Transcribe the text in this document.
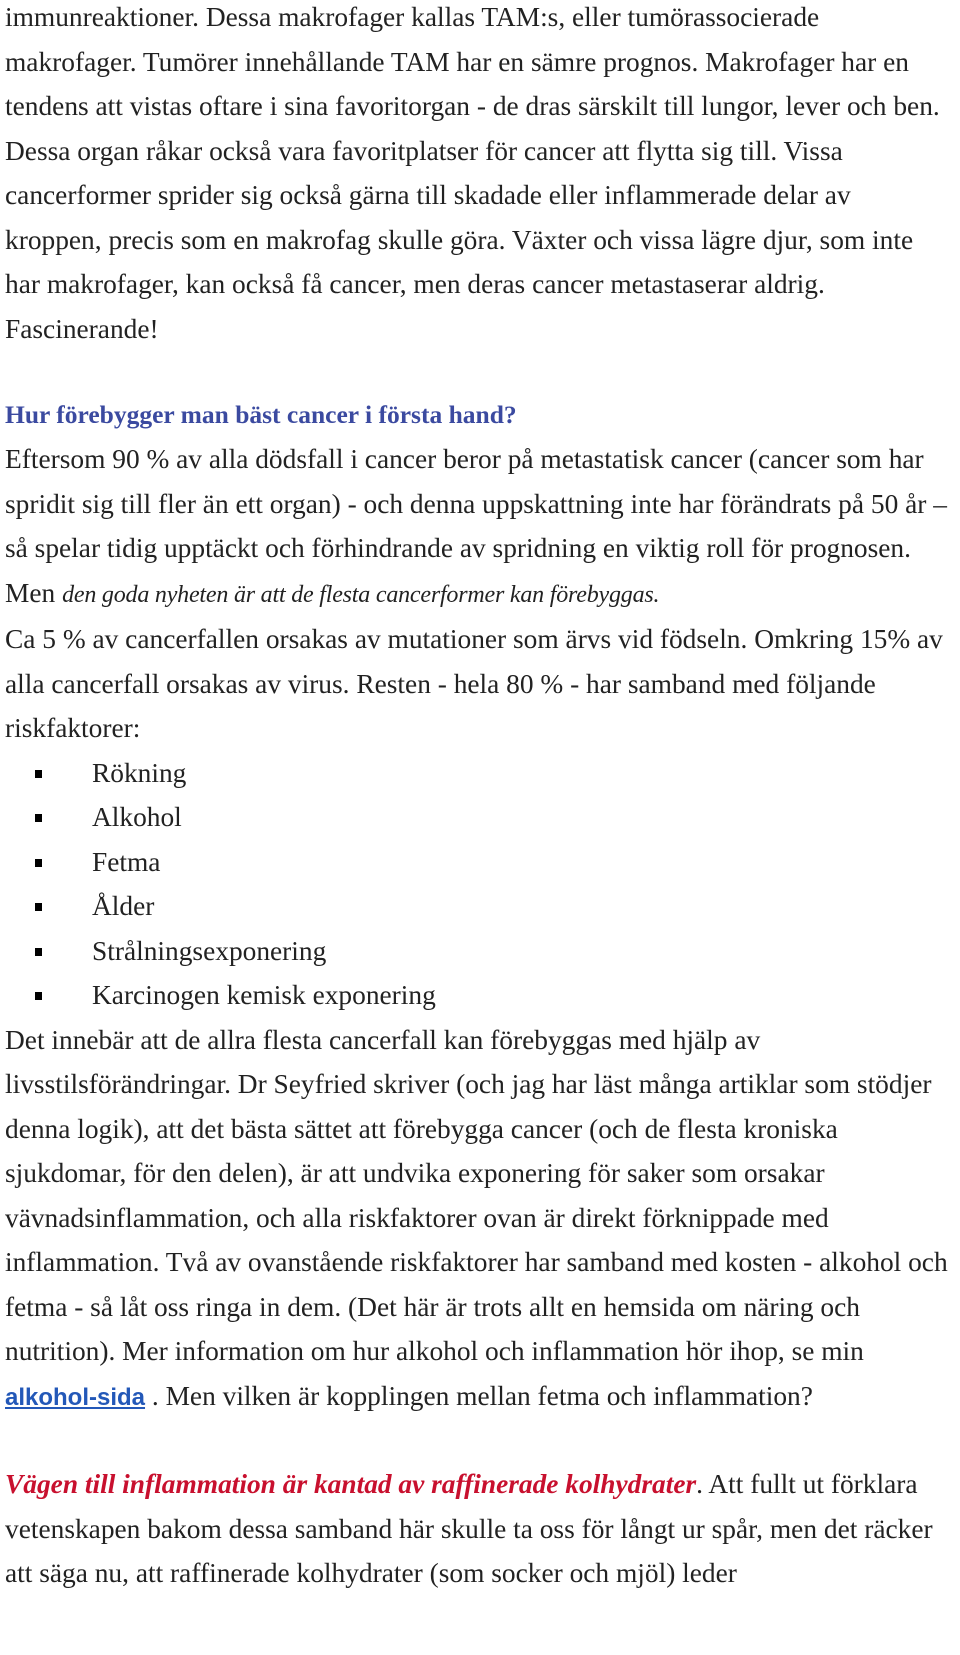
immunreaktioner. Dessa makrofager kallas TAM:s, eller tumörassocierade makrofager. Tumörer innehållande TAM har en sämre prognos. Makrofager har en tendens att vistas oftare i sina favoritorgan - de dras särskilt till lungor, lever och ben. Dessa organ råkar också vara favoritplatser för cancer att flytta sig till. Vissa cancerformer sprider sig också gärna till skadade eller inflammerade delar av kroppen, precis som en makrofag skulle göra. Växter och vissa lägre djur, som inte har makrofager, kan också få cancer, men deras cancer metastaserar aldrig. Fascinerande!

Hur förebygger man bäst cancer i första hand?

Eftersom 90 % av alla dödsfall i cancer beror på metastatisk cancer (cancer som har spridit sig till fler än ett organ) - och denna uppskattning inte har förändrats på 50 år – så spelar tidig upptäckt och förhindrande av spridning en viktig roll för prognosen. Men den goda nyheten är att de flesta cancerformer kan förebyggas.

Ca 5 % av cancerfallen orsakas av mutationer som ärvs vid födseln. Omkring 15% av alla cancerfall orsakas av virus. Resten - hela 80 % - har samband med följande riskfaktorer:

Rökning
Alkohol
Fetma
Ålder
Strålningsexponering
Karcinogen kemisk exponering

Det innebär att de allra flesta cancerfall kan förebyggas med hjälp av livsstilsförändringar. Dr Seyfried skriver (och jag har läst många artiklar som stödjer denna logik), att det bästa sättet att förebygga cancer (och de flesta kroniska sjukdomar, för den delen), är att undvika exponering för saker som orsakar vävnadsinflammation, och alla riskfaktorer ovan är direkt förknippade med inflammation. Två av ovanstående riskfaktorer har samband med kosten - alkohol och fetma - så låt oss ringa in dem. (Det här är trots allt en hemsida om näring och nutrition). Mer information om hur alkohol och inflammation hör ihop, se min alkohol-sida . Men vilken är kopplingen mellan fetma och inflammation?

Vägen till inflammation är kantad av raffinerade kolhydrater. Att fullt ut förklara vetenskapen bakom dessa samband här skulle ta oss för långt ur spår, men det räcker att säga nu, att raffinerade kolhydrater (som socker och mjöl) leder
